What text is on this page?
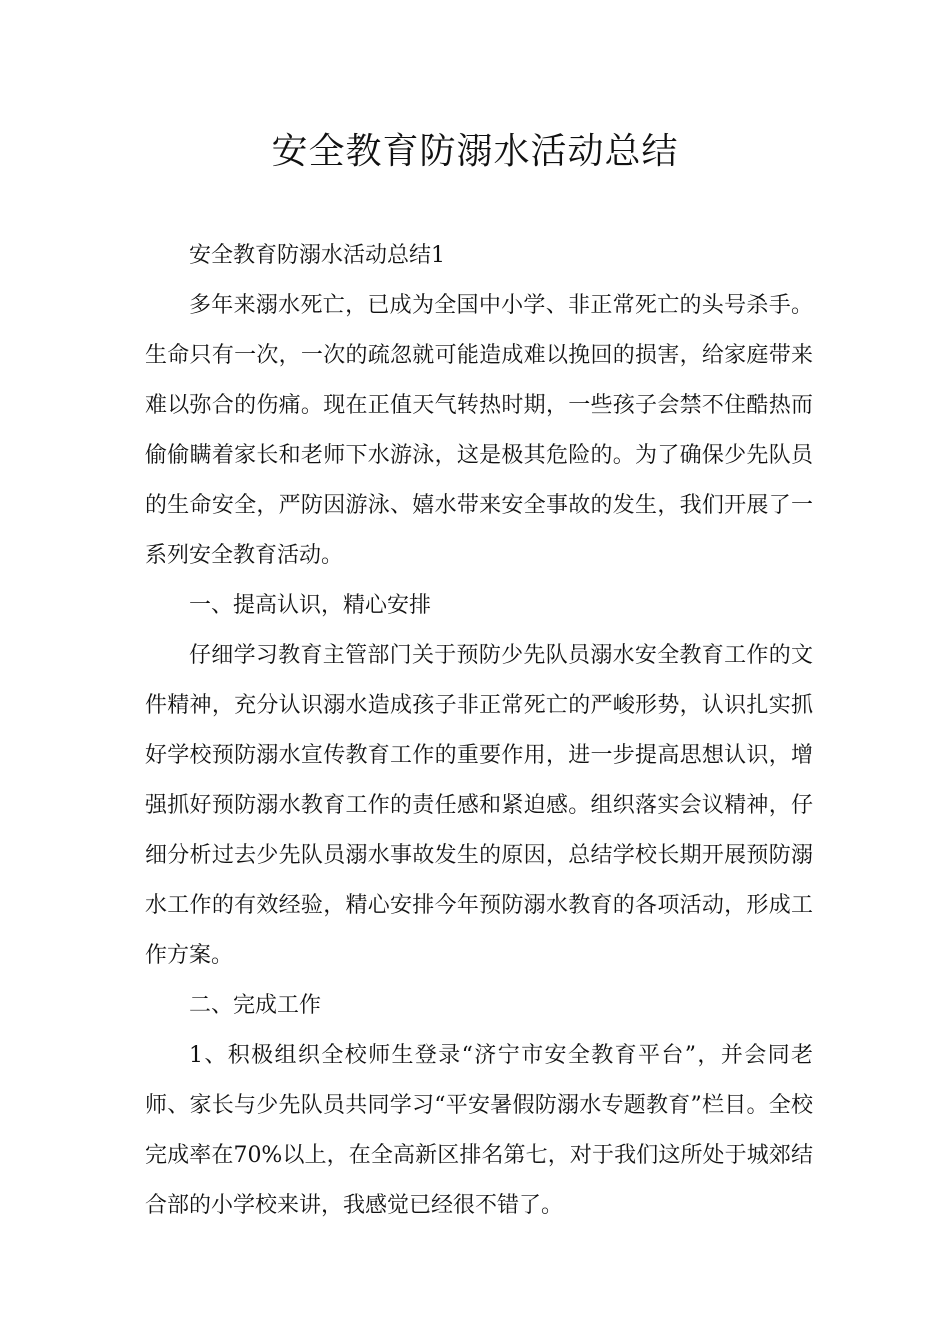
安全教育防溺水活动总结

安全教育防溺水活动总结1

多年来溺水死亡，已成为全国中小学、非正常死亡的头号杀手。生命只有一次，一次的疏忽就可能造成难以挽回的损害，给家庭带来难以弥合的伤痛。现在正值天气转热时期，一些孩子会禁不住酷热而偷偷瞒着家长和老师下水游泳，这是极其危险的。为了确保少先队员的生命安全，严防因游泳、嬉水带来安全事故的发生，我们开展了一系列安全教育活动。

一、提高认识，精心安排

仔细学习教育主管部门关于预防少先队员溺水安全教育工作的文件精神，充分认识溺水造成孩子非正常死亡的严峻形势，认识扎实抓好学校预防溺水宣传教育工作的重要作用，进一步提高思想认识，增强抓好预防溺水教育工作的责任感和紧迫感。组织落实会议精神，仔细分析过去少先队员溺水事故发生的原因，总结学校长期开展预防溺水工作的有效经验，精心安排今年预防溺水教育的各项活动，形成工作方案。

二、完成工作

1、积极组织全校师生登录“济宁市安全教育平台”，并会同老师、家长与少先队员共同学习“平安暑假防溺水专题教育”栏目。全校完成率在70%以上，在全高新区排名第七，对于我们这所处于城郊结合部的小学校来讲，我感觉已经很不错了。
